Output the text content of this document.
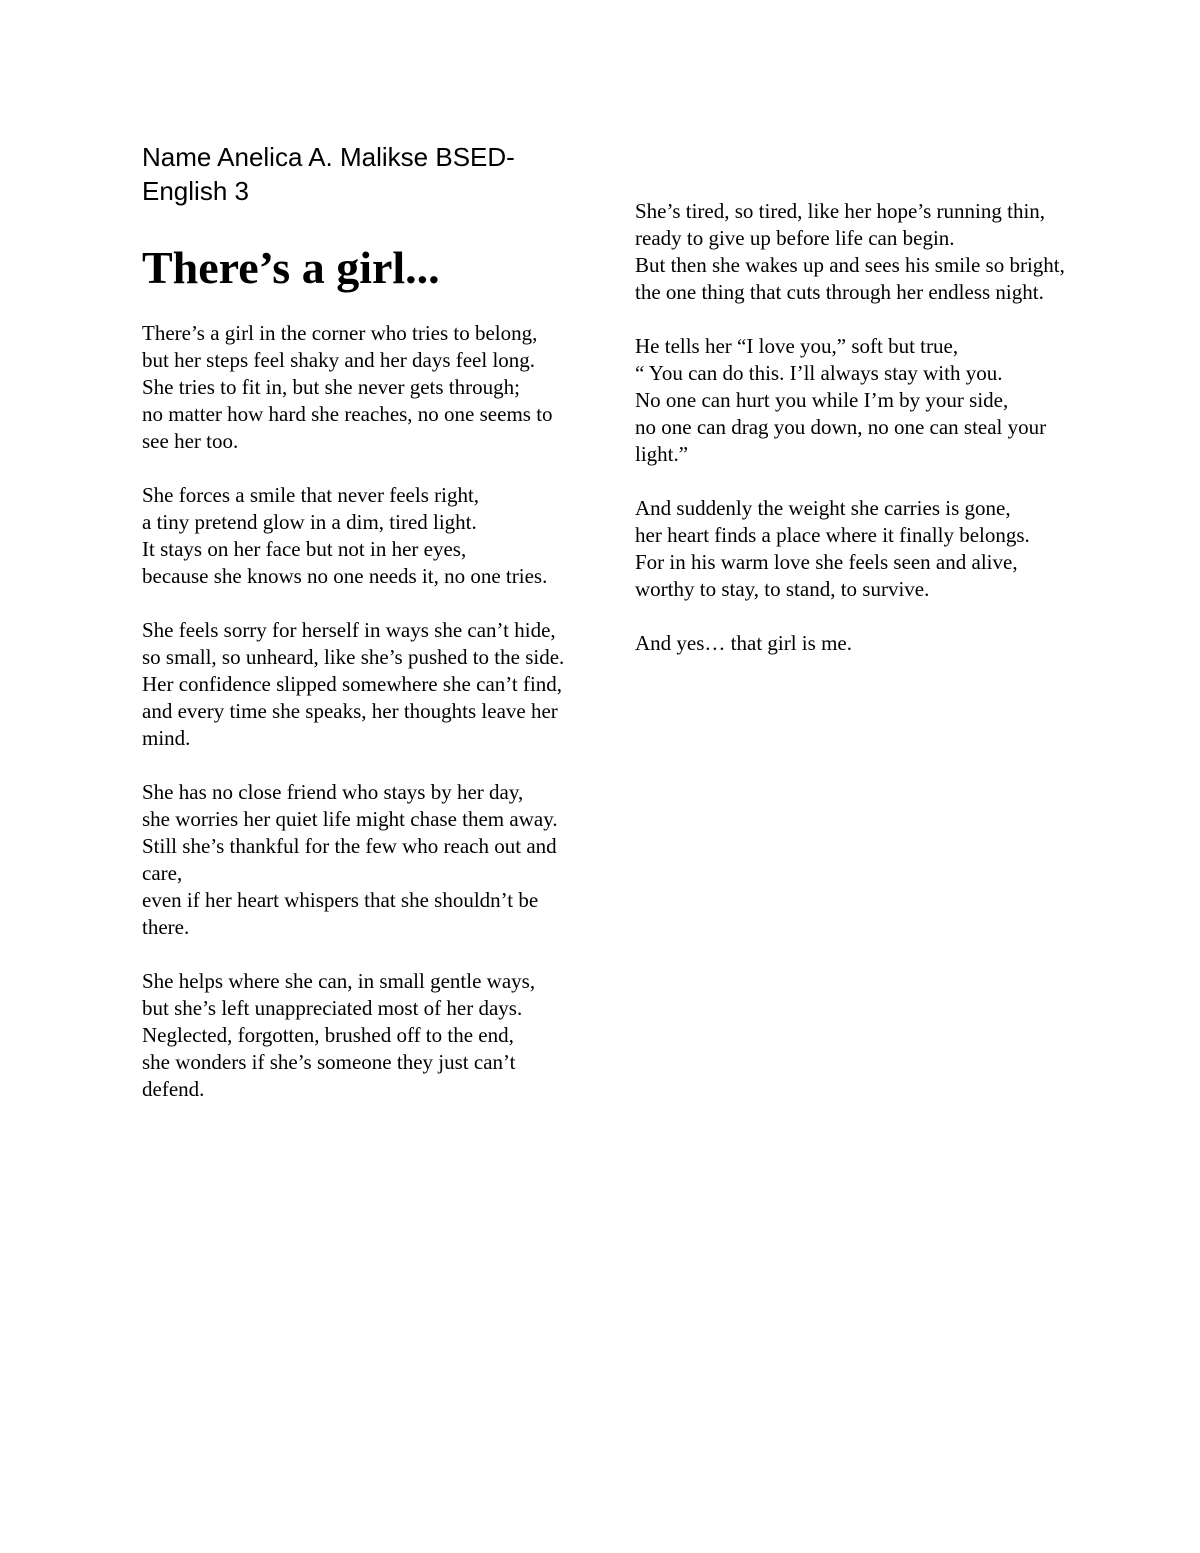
Name Anelica A. Malikse BSED- English 3
There’s a girl...

There’s a girl in the corner who tries to belong,
but her steps feel shaky and her days feel long.
She tries to fit in, but she never gets through;
no matter how hard she reaches, no one seems to see her too.

She forces a smile that never feels right,
a tiny pretend glow in a dim, tired light.
It stays on her face but not in her eyes,
because she knows no one needs it, no one tries.

She feels sorry for herself in ways she can’t hide,
so small, so unheard, like she’s pushed to the side.
Her confidence slipped somewhere she can’t find,
and every time she speaks, her thoughts leave her mind.

She has no close friend who stays by her day,
she worries her quiet life might chase them away.
Still she’s thankful for the few who reach out and care,
even if her heart whispers that she shouldn’t be there.

She helps where she can, in small gentle ways,
but she’s left unappreciated most of her days.
Neglected, forgotten, brushed off to the end,
she wonders if she’s someone they just can’t defend.

She’s tired, so tired, like her hope’s running thin,
ready to give up before life can begin.
But then she wakes up and sees his smile so bright,
the one thing that cuts through her endless night.

He tells her “I love you,” soft but true,
“ You can do this. I’ll always stay with you.
No one can hurt you while I’m by your side,
no one can drag you down, no one can steal your light.”

And suddenly the weight she carries is gone,
her heart finds a place where it finally belongs.
For in his warm love she feels seen and alive,
worthy to stay, to stand, to survive.

And yes… that girl is me.
